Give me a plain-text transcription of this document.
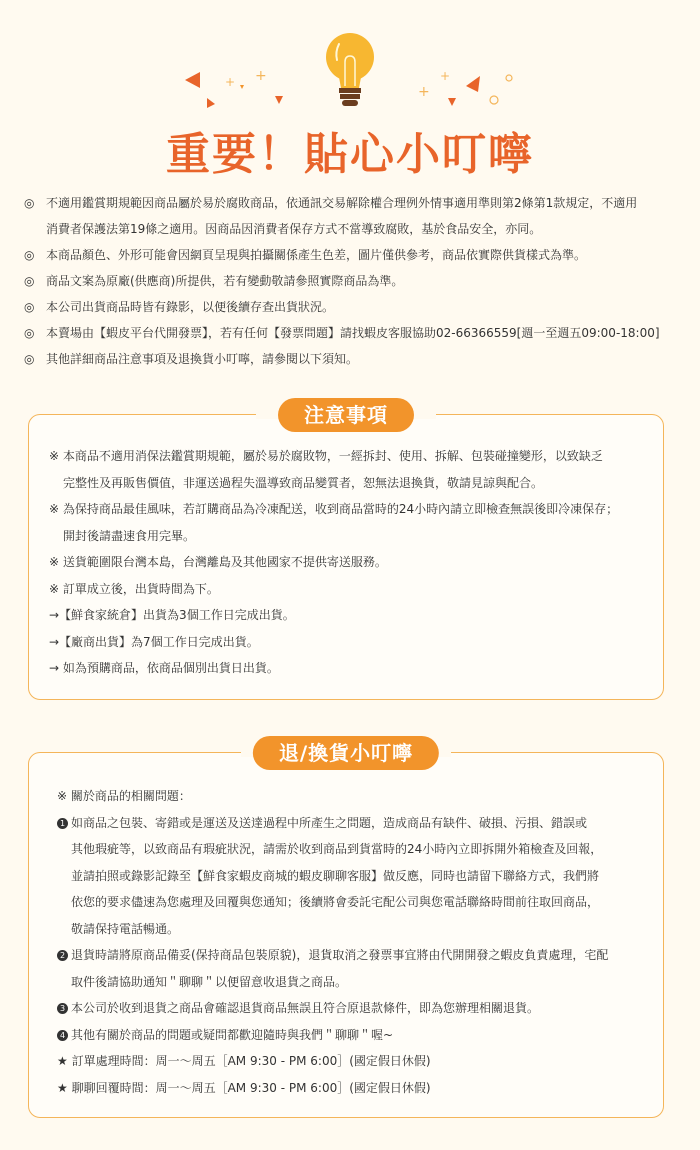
+ +	+
+
重要！貼心小叮嚀
◎ 不適用鑑賞期規範因商品屬於易於腐敗商品，依通訊交易解除權合理例外情事適用準則第2條第1款規定，不適用
消費者保護法第19條之適用。因商品因消費者保存方式不當導致腐敗，基於食品安全，亦同。
◎ 本商品顏色、外形可能會因網頁呈現與拍攝關係產生色差，圖片僅供參考，商品依實際供貨樣式為準。
◎ 商品文案為原廠(供應商)所提供，若有變動敬請參照實際商品為準。
◎ 本公司出貨商品時皆有錄影，以便後續存查出貨狀況。
◎ 本賣場由【蝦皮平台代開發票】，若有任何【發票問題】請找蝦皮客服協助02-66366559[週一至週五09:00-18:00]
◎ 其他詳細商品注意事項及退換貨小叮嚀，請參閱以下須知。
注意事項
※ 本商品不適用消保法鑑賞期規範，屬於易於腐敗物，一經拆封、使用、拆解、包裝碰撞變形，以致缺乏
完整性及再販售價值，非運送過程失溫導致商品變質者，恕無法退換貨，敬請見諒與配合。
※ 為保持商品最佳風味，若訂購商品為冷凍配送，收到商品當時的24小時內請立即檢查無誤後即冷凍保存；
開封後請盡速食用完畢。
※ 送貨範圍限台灣本島，台灣離島及其他國家不提供寄送服務。
※ 訂單成立後，出貨時間為下。
→【鮮食家統倉】出貨為3個工作日完成出貨。
→【廠商出貨】為7個工作日完成出貨。
→ 如為預購商品，依商品個別出貨日出貨。
退/換貨小叮嚀
※ 關於商品的相關問題：
1 如商品之包裝、寄錯或是運送及送達過程中所產生之問題，造成商品有缺件、破損、污損、錯誤或
其他瑕疵等，以致商品有瑕疵狀況，請需於收到商品到貨當時的24小時內立即拆開外箱檢查及回報，
並請拍照或錄影記錄至【鮮食家蝦皮商城的蝦皮聊聊客服】做反應，同時也請留下聯絡方式，我們將
依您的要求儘速為您處理及回覆與您通知；後續將會委託宅配公司與您電話聯絡時間前往取回商品，
敬請保持電話暢通。
2 退貨時請將原商品備妥(保持商品包裝原貌)，退貨取消之發票事宜將由代開開發之蝦皮負責處理，宅配
取件後請協助通知＂聊聊＂以便留意收退貨之商品。
3 本公司於收到退貨之商品會確認退貨商品無誤且符合原退款條件，即為您辦理相關退貨。
4 其他有關於商品的問題或疑問都歡迎隨時與我們＂聊聊＂喔~
★ 訂單處理時間：周一～周五［AM 9:30 - PM 6:00］(國定假日休假)
★ 聊聊回覆時間：周一～周五［AM 9:30 - PM 6:00］(國定假日休假)
